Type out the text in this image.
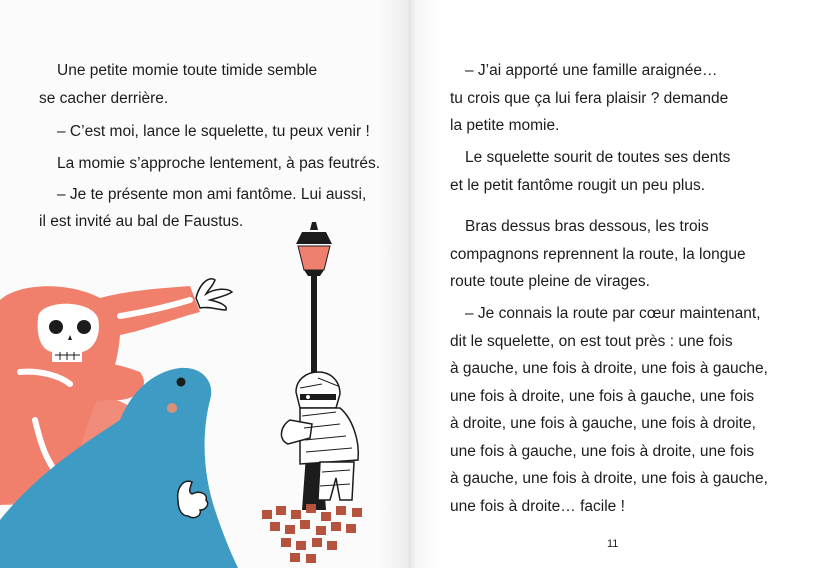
Une petite momie toute timide semble

se cacher derrière.

– C’est moi, lance le squelette, tu peux venir !

La momie s’approche lentement, à pas feutrés.

– Je te présente mon ami fantôme. Lui aussi,

il est invité au bal de Faustus.

– J’ai apporté une famille araignée…

tu crois que ça lui fera plaisir ? demande

la petite momie.

Le squelette sourit de toutes ses dents

et le petit fantôme rougit un peu plus.

Bras dessus bras dessous, les trois

compagnons reprennent la route, la longue

route toute pleine de virages.

– Je connais la route par cœur maintenant,

dit le squelette, on est tout près : une fois

à gauche, une fois à droite, une fois à gauche,

une fois à droite, une fois à gauche, une fois

à droite, une fois à gauche, une fois à droite,

une fois à gauche, une fois à droite, une fois

à gauche, une fois à droite, une fois à gauche,

une fois à droite… facile !

11
